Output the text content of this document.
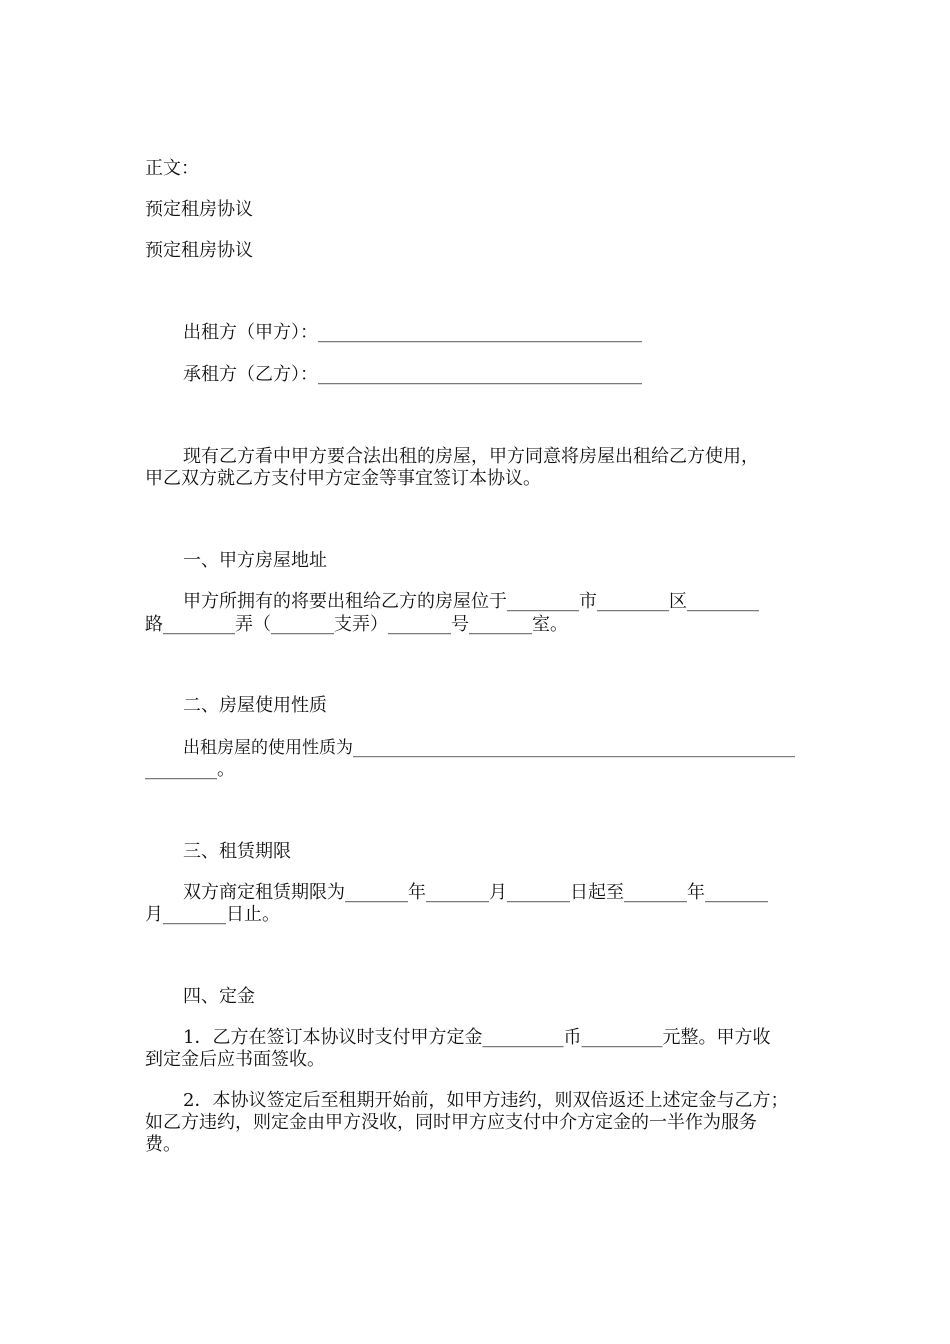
正文：
预定租房协议
预定租房协议
出租方（甲方）：____________________________________
承租方（乙方）：____________________________________
现有乙方看中甲方要合法出租的房屋，甲方同意将房屋出租给乙方使用，
甲乙双方就乙方支付甲方定金等事宜签订本协议。
一、甲方房屋地址
甲方所拥有的将要出租给乙方的房屋位于________市________区________
路________弄（_______支弄）_______号_______室。
二、房屋使用性质
出租房屋的使用性质为____________________________________________________
________。
三、租赁期限
双方商定租赁期限为_______年_______月_______日起至_______年_______
月_______日止。
四、定金
1．乙方在签订本协议时支付甲方定金_________币_________元整。甲方收
到定金后应书面签收。
2．本协议签定后至租期开始前，如甲方违约，则双倍返还上述定金与乙方；
如乙方违约，则定金由甲方没收，同时甲方应支付中介方定金的一半作为服务
费。
